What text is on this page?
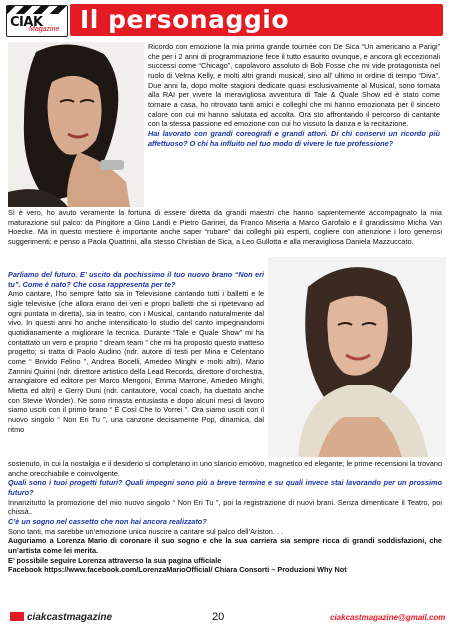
CIAK
Magazine Il personaggio

Ricordo con emozione la mia prima grande tournée con De Sica “Un americano a Parigi” che per i 2 anni di programmazione fece il tutto esaurito ovunque, e ancora gli eccezionali successi come “Chicago”, capolavoro assoluto di Bob Fosse che mi vide protagonista nel ruolo di Velma Kelly, e molti altri grandi musical, sino all’ ultimo in ordine di tempo “Diva”. Due anni fa, dopo molte stagioni dedicate quasi esclusivamente al Musical, sono tornata alla RAI per vivere la meravigliosa avventura di Tale & Quale Show ed è stato come tornare a casa, ho ritrovato tanti amici e colleghi che mi hanno emozionata per il sincero calore con cui mi hanno salutata ed accolta. Ora sto affrontando il percorso di cantante con la stessa passione ed emozione con cui ho vissuto la danza e la recitazione.

Hai lavorato con grandi coreografi e grandi attori. Di chi conservi un ricordo più affettuoso? O chi ha influito nel tuo modo di vivere le tue professione?

Sì è vero, ho avuto veramente la fortuna di essere diretta da grandi maestri che hanno sapientemente accompagnato la mia maturazione sul palco: da Pingitore a Gino Landi e Pietro Garinei, da Franco Miseria a Marco Garofalo e il grandissimo Micha Van Hoecke. Ma in questo mestiere è importante anche saper “rubare” dai colleghi più esperti, cogliere con attenzione i loro generosi suggerimenti; e penso a Paola Quattrini, alla stesso Christian de Sica, a Leo Gullotta e alla meravigliosa Daniela Mazzuccato.

Parliamo del futuro. E’ uscito da pochissimo il tuo nuovo brano “Non eri tu”. Come è nato? Che cosa rappresenta per te?

Amo cantare, l’ho sempre fatto sia in Televisione cantando tutti i balletti e le sigle televisive (che allora erano dei veri e propri balletti che si ripetevano ad ogni puntata in diretta), sia in teatro, con i Musical, cantando naturalmente dal vivo. In questi anni ho anche intensificato lo studio del canto impegnandomi quotidianamente a migliorare la tecnica. Durante “Tale e Quale Show” mi ha contattato un vero e proprio “ dream team ” che mi ha proposto questo inatteso progetto; si tratta di Paolo Audino (ndr. autore di testi per Mina e Celentano come “ Brivido Felino ”, Andrea Bocelli, Amedeo Minghi e molti altri), Mario Zannini Quirini (ndr. direttore artistico della Lead Records, direttore d’orchestra, arrangiatore ed editore per Marco Mengoni, Emma Marrone, Amedeo Minghi, Mietta ed altri) e Gerry Duni (ndr. cantautore, vocal coach, ha duettato anche con Stevie Wonder). Ne sono rimasta entusiasta e dopo alcuni mesi di lavoro siamo usciti con il primo brano “ È Così Che Io Vorrei ”. Ora siamo usciti con il nuovo singolo “ Non Eri Tu ”, una canzone decisamente Pop, dinamica, dal ritmo

sostenuto, in cui la nostalgia e il desiderio si completano in uno slancio emotivo, magnetico ed elegante; le prime recensioni la trovano anche orecchiabile e coinvolgente.

Quali sono i tuoi progetti futuri? Quali impegni sono più a breve termine e su quali invece stai lavorando per un prossimo futuro?

Innanzitutto la promozione del mio nuovo singolo “ Non Eri Tu ”, poi la registrazione di nuovi brani. Senza dimenticare il Teatro, poi chissà..

C’è un sogno nel cassetto che non hai ancora realizzato?

Sono tanti, ma sarebbe un’emozione unica riuscire a cantare sul palco dell’Ariston. . .

Auguriamo a Lorenza Mario di coronare il suo sogno e che la sua carriera sia sempre ricca di grandi soddisfazioni, che un’artista come lei merita.

E’ possibile seguire Lorenza attraverso la sua pagina ufficiale

Facebook https://www.facebook.com/LorenzaMarioOfficial/ Chiara Consorti – Produzioni Why Not

ciakcastmagazine	20	ciakcastmagazine@gmail.com
